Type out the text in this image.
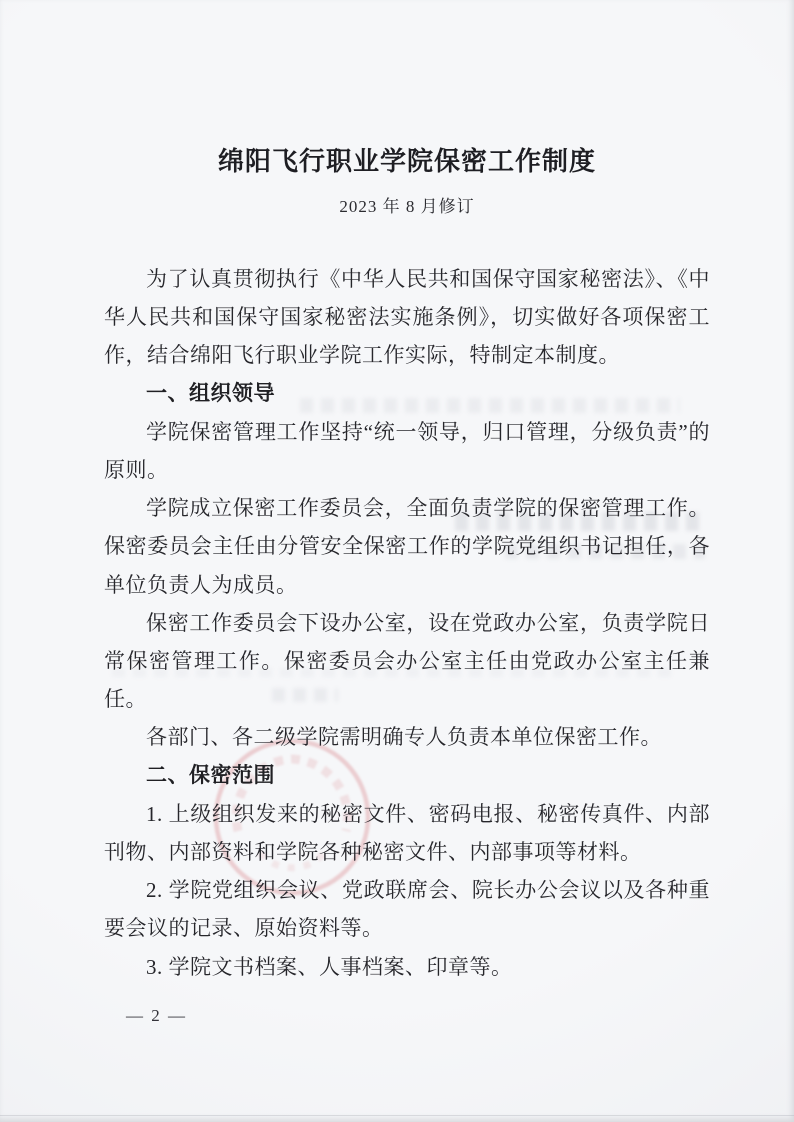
绵阳飞行职业学院保密工作制度
2023 年 8 月修订

为了认真贯彻执行《中华人民共和国保守国家秘密法》、《中华人民共和国保守国家秘密法实施条例》，切实做好各项保密工作，结合绵阳飞行职业学院工作实际，特制定本制度。

一、组织领导

学院保密管理工作坚持“统一领导，归口管理，分级负责”的原则。

学院成立保密工作委员会，全面负责学院的保密管理工作。保密委员会主任由分管安全保密工作的学院党组织书记担任，各单位负责人为成员。

保密工作委员会下设办公室，设在党政办公室，负责学院日常保密管理工作。保密委员会办公室主任由党政办公室主任兼任。

各部门、各二级学院需明确专人负责本单位保密工作。

二、保密范围

1. 上级组织发来的秘密文件、密码电报、秘密传真件、内部刊物、内部资料和学院各种秘密文件、内部事项等材料。

2. 学院党组织会议、党政联席会、院长办公会议以及各种重要会议的记录、原始资料等。

3. 学院文书档案、人事档案、印章等。

— 2 —
